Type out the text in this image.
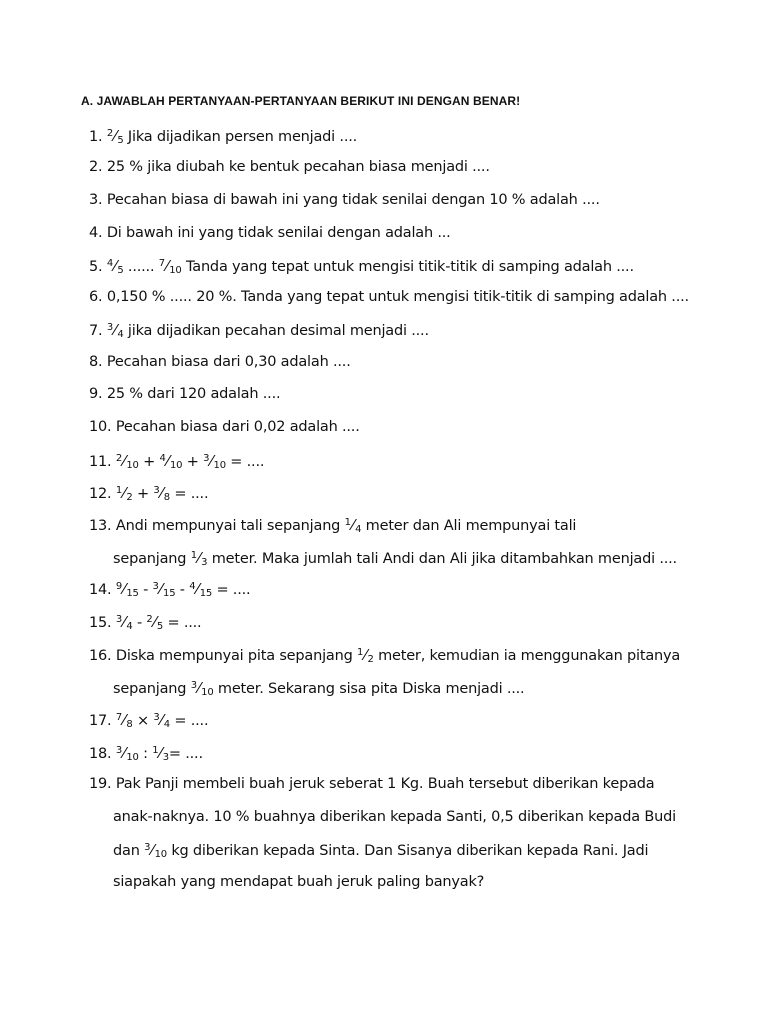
A. JAWABLAH PERTANYAAN-PERTANYAAN BERIKUT INI DENGAN BENAR!
1. $^2⁄_5$ Jika dijadikan persen menjadi ....
2. 25 % jika diubah ke bentuk pecahan biasa menjadi ....
3. Pecahan biasa di bawah ini yang tidak senilai dengan 10 % adalah ....
4. Di bawah ini yang tidak senilai dengan adalah ...
5. $^4⁄_5$ ...... $^7⁄_{10}$ Tanda yang tepat untuk mengisi titik-titik di samping adalah ....
6. 0,150 % ..... 20 %. Tanda yang tepat untuk mengisi titik-titik di samping adalah ....
7. $^3⁄_4$ jika dijadikan pecahan desimal menjadi ....
8. Pecahan biasa dari 0,30 adalah ....
9. 25 % dari 120 adalah ....
10. Pecahan biasa dari 0,02 adalah ....
11. $^2⁄_{10}$ + $^4⁄_{10}$ + $^3⁄_{10}$ = ....
12. $^1⁄_2$ + $^3⁄_8$ = ....
13. Andi mempunyai tali sepanjang $^1⁄_4$ meter dan Ali mempunyai tali
sepanjang $^1⁄_3$ meter. Maka jumlah tali Andi dan Ali jika ditambahkan menjadi ....
14. $^9⁄_{15}$ - $^3⁄_{15}$ - $^4⁄_{15}$ = ....
15. $^3⁄_4$ - $^2⁄_5$ = ....
16. Diska mempunyai pita sepanjang $^1⁄_2$ meter, kemudian ia menggunakan pitanya
sepanjang $^3⁄_{10}$ meter. Sekarang sisa pita Diska menjadi ....
17. $^7⁄_8$ × $^3⁄_4$ = ....
18. $^3⁄_{10}$ : $^1⁄_3=$ ....
19. Pak Panji membeli buah jeruk seberat 1 Kg. Buah tersebut diberikan kepada
anak-naknya. 10 % buahnya diberikan kepada Santi, 0,5 diberikan kepada Budi
dan $^3⁄_{10}$ kg diberikan kepada Sinta. Dan Sisanya diberikan kepada Rani. Jadi
siapakah yang mendapat buah jeruk paling banyak?
